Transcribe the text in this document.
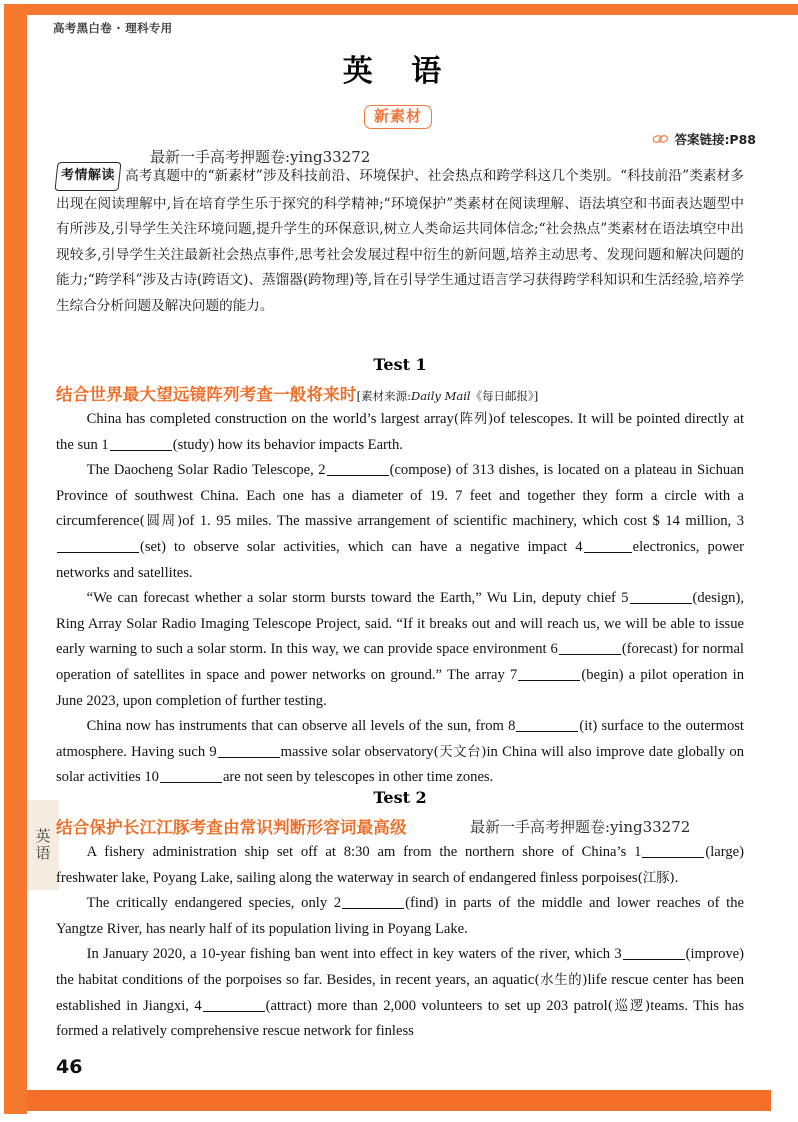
英
语
高考黑白卷 · 理科专用
英 语
新素材
答案链接:P88
最新一手高考押题卷:ying33272
最新一手高考押题卷:ying33272
考情解读 高考真题中的“新素材”涉及科技前沿、环境保护、社会热点和跨学科这几个类别。“科技前沿”类素材多出现在阅读理解中,旨在培育学生乐于探究的科学精神;“环境保护”类素材在阅读理解、语法填空和书面表达题型中有所涉及,引导学生关注环境问题,提升学生的环保意识,树立人类命运共同体信念;“社会热点”类素材在语法填空中出现较多,引导学生关注最新社会热点事件,思考社会发展过程中衍生的新问题,培养主动思考、发现问题和解决问题的能力;“跨学科”涉及古诗(跨语文)、蒸馏器(跨物理)等,旨在引导学生通过语言学习获得跨学科知识和生活经验,培养学生综合分析问题及解决问题的能力。
Test 1
结合世界最大望远镜阵列考查一般将来时[素材来源:Daily Mail《每日邮报》]

China has completed construction on the world’s largest array(阵列)of telescopes. It will be pointed directly at the sun 1	(study) how its behavior impacts Earth.

The Daocheng Solar Radio Telescope, 2	(compose) of 313 dishes, is located on a plateau in Sichuan Province of southwest China. Each one has a diameter of 19. 7 feet and together they form a circle with a circumference(圆周)of 1. 95 miles. The massive arrangement of scientific machinery, which cost $ 14 million, 3(set) to observe solar activities, which can have a negative impact 4	electronics, power networks and satellites.

“We can forecast whether a solar storm bursts toward the Earth,” Wu Lin, deputy chief 5	(design), Ring Array Solar Radio Imaging Telescope Project, said. “If it breaks out and will reach us, we will be able to issue early warning to such a solar storm. In this way, we can provide space environment 6	(forecast) for normal operation of satellites in space and power networks on ground.” The array 7	(begin) a pilot operation in June 2023, upon completion of further testing.

China now has instruments that can observe all levels of the sun, from 8	(it) surface to the outermost atmosphere. Having such 9	massive solar observatory(天文台)in China will also improve date globally on solar activities 10	are not seen by telescopes in other time zones.

Test 2
结合保护长江江豚考查由常识判断形容词最高级

A fishery administration ship set off at 8:30 am from the northern shore of China’s 1	(large) freshwater lake, Poyang Lake, sailing along the waterway in search of endangered finless porpoises(江豚).

The critically endangered species, only 2	(find) in parts of the middle and lower reaches of the Yangtze River, has nearly half of its population living in Poyang Lake.

In January 2020, a 10-year fishing ban went into effect in key waters of the river, which 3	(improve) the habitat conditions of the porpoises so far. Besides, in recent years, an aquatic(水生的)life rescue center has been established in Jiangxi, 4	(attract) more than 2,000 volunteers to set up 203 patrol(巡逻)teams. This has formed a relatively comprehensive rescue network for finless

46
